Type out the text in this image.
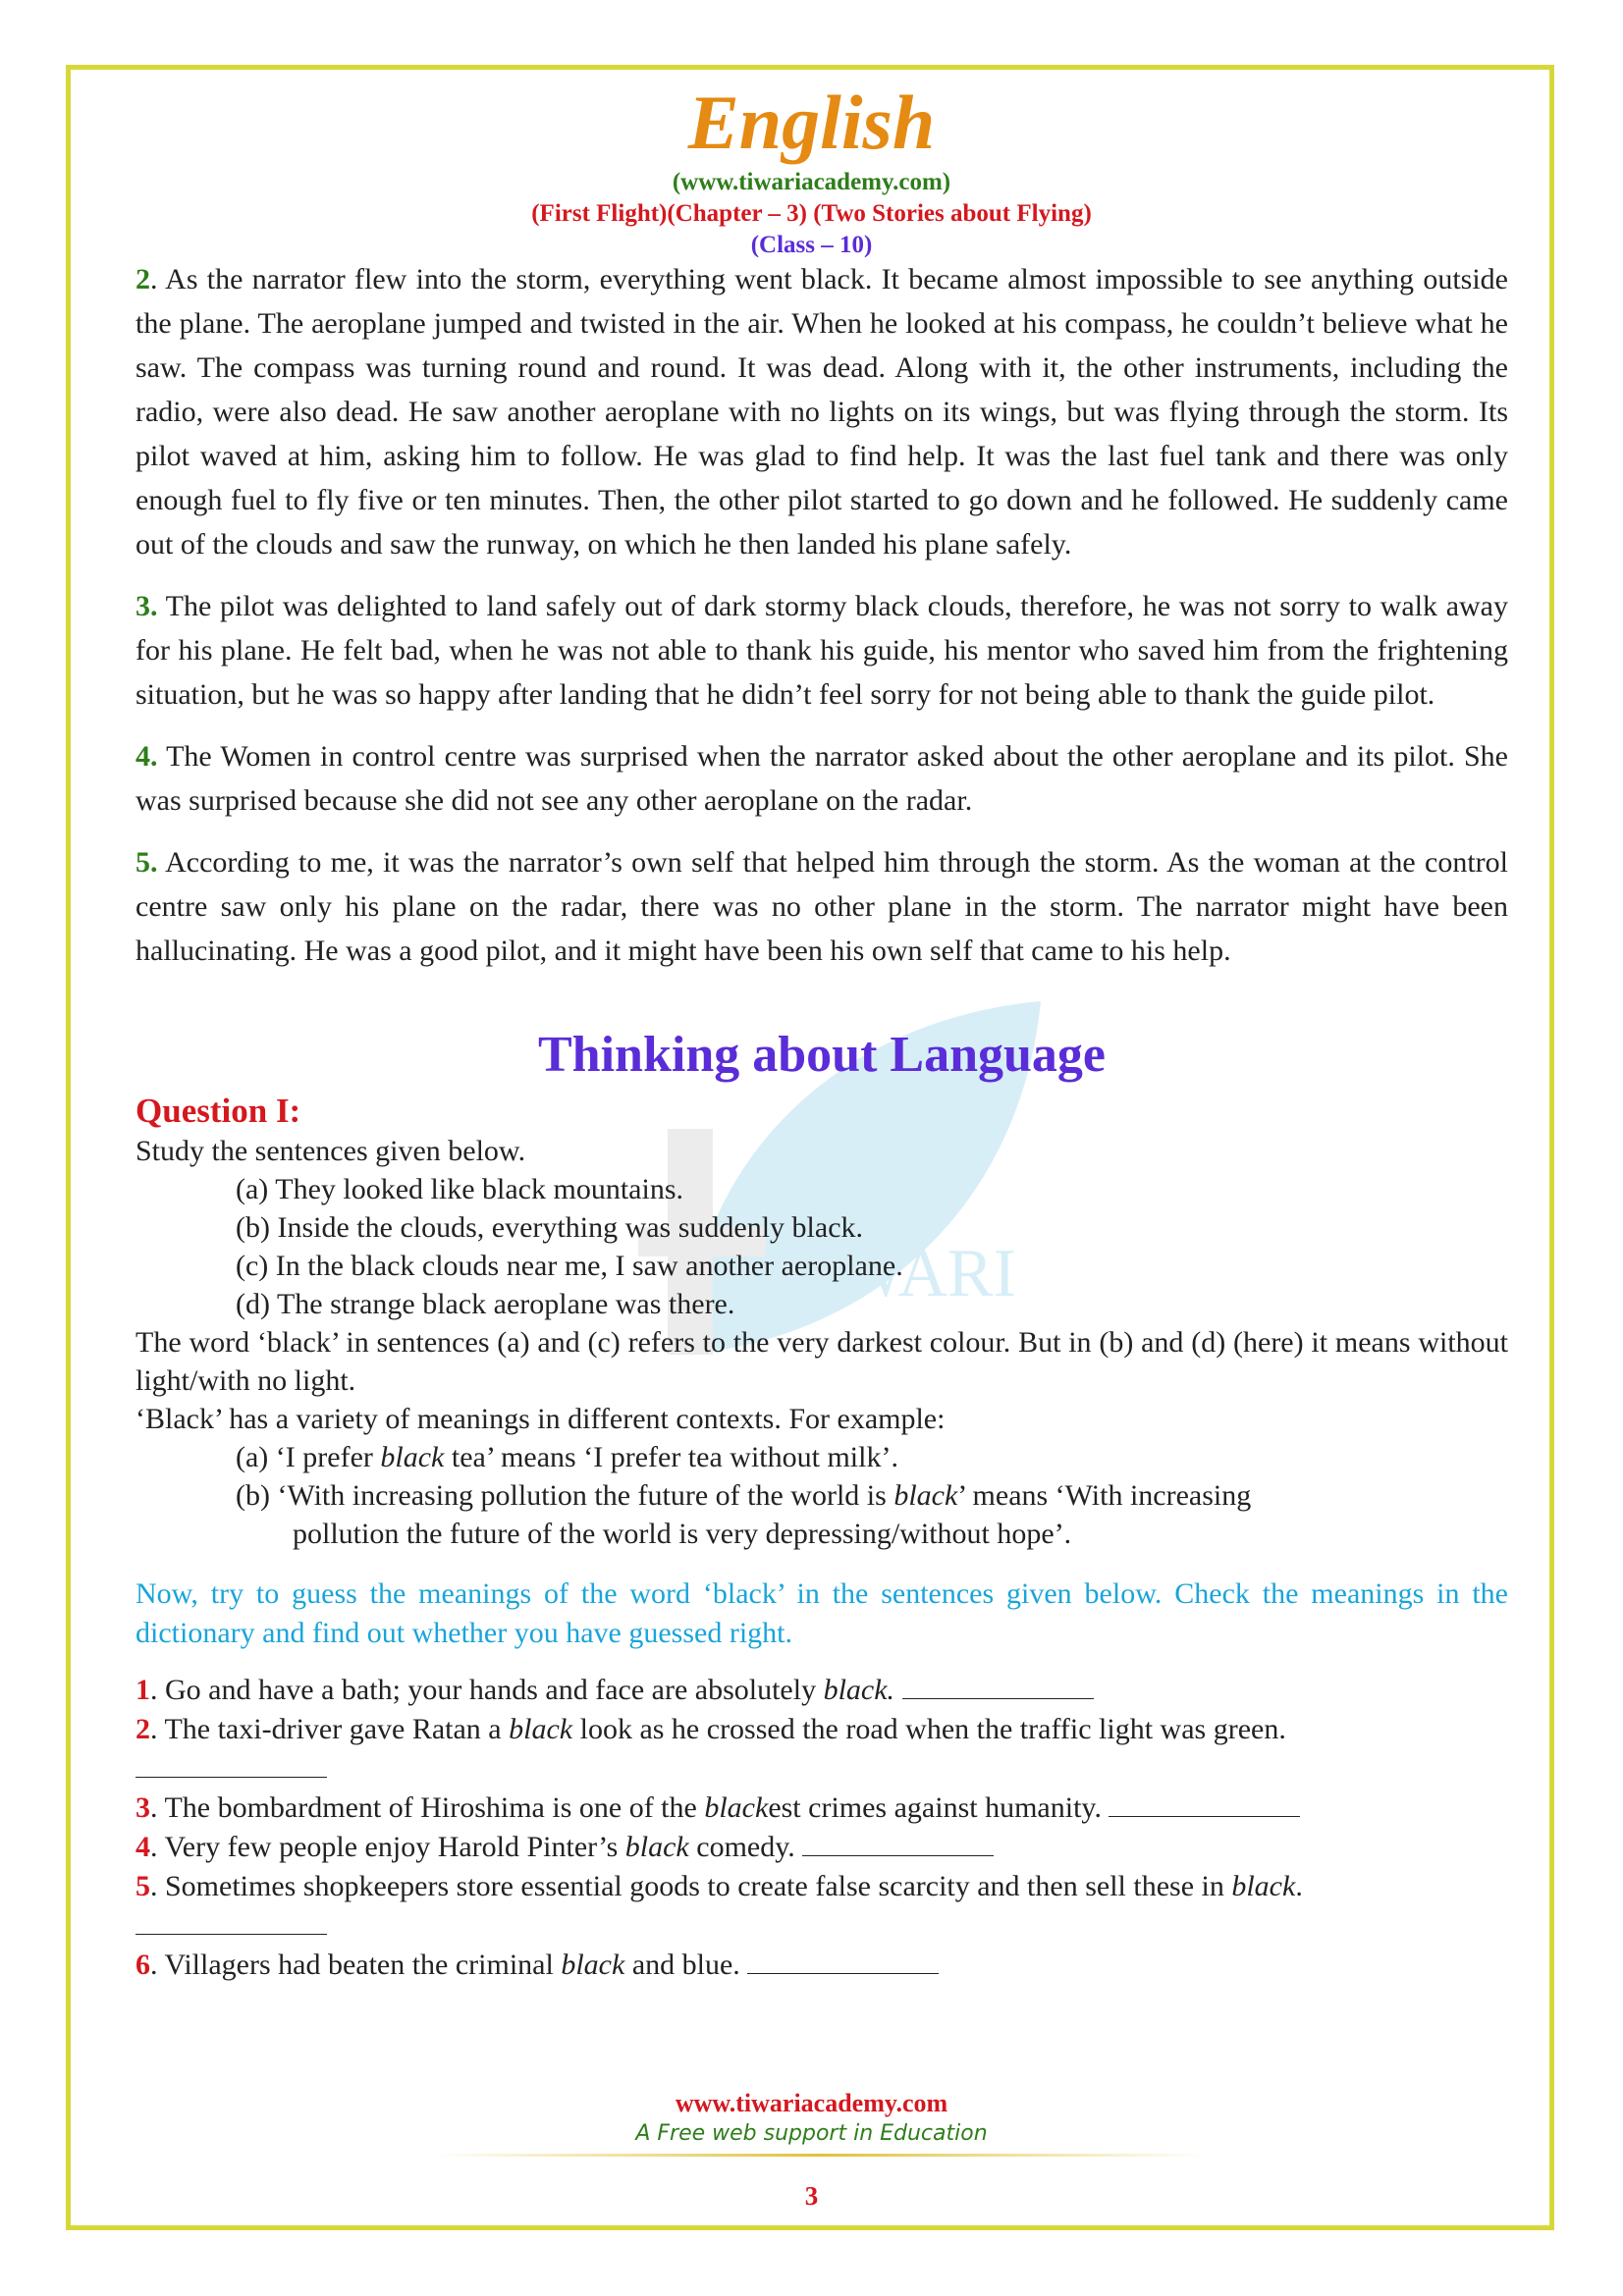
TIWARI
English
(www.tiwariacademy.com)
(First Flight)(Chapter – 3) (Two Stories about Flying)
(Class – 10)

2. As the narrator flew into the storm, everything went black. It became almost impossible to see anything outside the plane. The aeroplane jumped and twisted in the air. When he looked at his compass, he couldn’t believe what he saw. The compass was turning round and round. It was dead. Along with it, the other instruments, including the radio, were also dead. He saw another aeroplane with no lights on its wings, but was flying through the storm. Its pilot waved at him, asking him to follow. He was glad to find help. It was the last fuel tank and there was only enough fuel to fly five or ten minutes. Then, the other pilot started to go down and he followed. He suddenly came out of the clouds and saw the runway, on which he then landed his plane safely.

3. The pilot was delighted to land safely out of dark stormy black clouds, therefore, he was not sorry to walk away for his plane. He felt bad, when he was not able to thank his guide, his mentor who saved him from the frightening situation, but he was so happy after landing that he didn’t feel sorry for not being able to thank the guide pilot.

4. The Women in control centre was surprised when the narrator asked about the other aeroplane and its pilot. She was surprised because she did not see any other aeroplane on the radar.

5. According to me, it was the narrator’s own self that helped him through the storm. As the woman at the control centre saw only his plane on the radar, there was no other plane in the storm. The narrator might have been hallucinating. He was a good pilot, and it might have been his own self that came to his help.

Thinking about Language

Question I:

Study the sentences given below.

(a) They looked like black mountains.

(b) Inside the clouds, everything was suddenly black.

(c) In the black clouds near me, I saw another aeroplane.

(d) The strange black aeroplane was there.

The word ‘black’ in sentences (a) and (c) refers to the very darkest colour. But in (b) and (d) (here) it means without light/with no light.

‘Black’ has a variety of meanings in different contexts. For example:

(a) ‘I prefer black tea’ means ‘I prefer tea without milk’.

(b) ‘With increasing pollution the future of the world is black’ means ‘With increasing
pollution the future of the world is very depressing/without hope’.

Now, try to guess the meanings of the word ‘black’ in the sentences given below. Check the meanings in the dictionary and find out whether you have guessed right.

1. Go and have a bath; your hands and face are absolutely black.

2. The taxi-driver gave Ratan a black look as he crossed the road when the traffic light was green.

3. The bombardment of Hiroshima is one of the blackest crimes against humanity.

4. Very few people enjoy Harold Pinter’s black comedy.

5. Sometimes shopkeepers store essential goods to create false scarcity and then sell these in black.

6. Villagers had beaten the criminal black and blue.

www.tiwariacademy.com
A Free web support in Education
3
